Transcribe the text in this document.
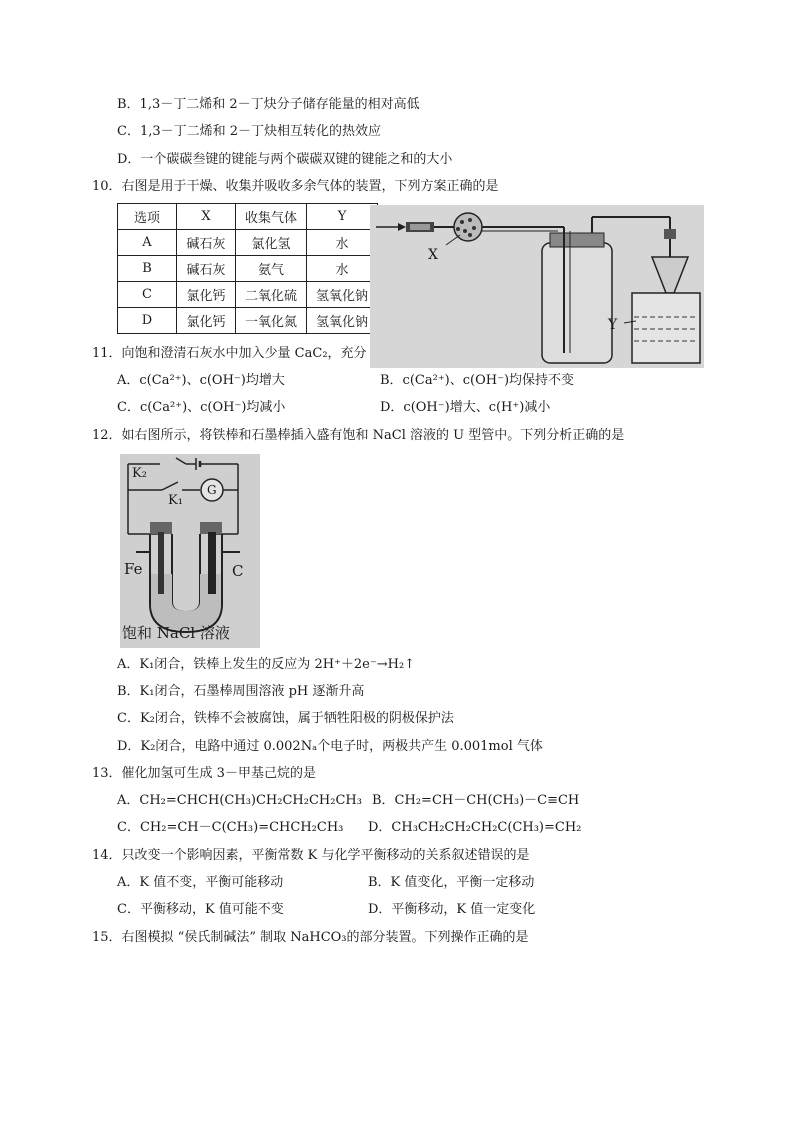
B．1,3－丁二烯和 2－丁炔分子储存能量的相对高低
C．1,3－丁二烯和 2－丁炔相互转化的热效应
D．一个碳碳叁键的键能与两个碳碳双键的键能之和的大小
10．右图是用于干燥、收集并吸收多余气体的装置，下列方案正确的是
选项	X	收集气体	Y
A	碱石灰	氯化氢	水
B	碱石灰	氨气	水
C	氯化钙	二氧化硫	氢氧化钠
D	氯化钙	一氧化氮	氢氧化钠
X
Y
11．向饱和澄清石灰水中加入少量 CaC₂，充分
A．c(Ca²⁺)、c(OH⁻)均增大	B．c(Ca²⁺)、c(OH⁻)均保持不变
C．c(Ca²⁺)、c(OH⁻)均减小	D．c(OH⁻)增大、c(H⁺)减小
12．如右图所示，将铁棒和石墨棒插入盛有饱和 NaCl 溶液的 U 型管中。下列分析正确的是
K₂
K₁
G
Fe	C
饱和 NaCl 溶液
A．K₁闭合，铁棒上发生的反应为 2H⁺＋2e⁻→H₂↑
B．K₁闭合，石墨棒周围溶液 pH 逐渐升高
C．K₂闭合，铁棒不会被腐蚀，属于牺牲阳极的阴极保护法
D．K₂闭合，电路中通过 0.002Nₐ个电子时，两极共产生 0.001mol 气体
13．催化加氢可生成 3－甲基己烷的是
A．CH₂=CHCH(CH₃)CH₂CH₂CH₂CH₃ B．CH₂=CH－CH(CH₃)－C≡CH
C．CH₂=CH－C(CH₃)=CHCH₂CH₃ D．CH₃CH₂CH₂CH₂C(CH₃)=CH₂
14．只改变一个影响因素，平衡常数 K 与化学平衡移动的关系叙述错误的是
A．K 值不变，平衡可能移动	B．K 值变化，平衡一定移动
C．平衡移动，K 值可能不变	D．平衡移动，K 值一定变化
15．右图模拟 “侯氏制碱法” 制取 NaHCO₃的部分装置。下列操作正确的是
